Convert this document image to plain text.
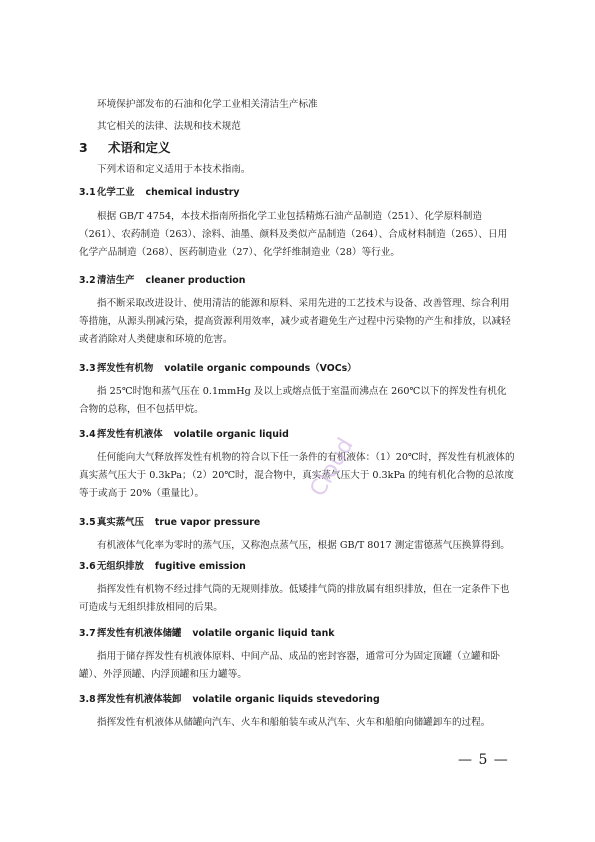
环境保护部发布的石油和化学工业相关清洁生产标准

其它相关的法律、法规和技术规范

3 术语和定义

下列术语和定义适用于本技术指南。

3.1化学工业 chemical industry

根据 GB/T 4754，本技术指南所指化学工业包括精炼石油产品制造（251）、化学原料制造（261）、农药制造（263）、涂料、油墨、颜料及类似产品制造（264）、合成材料制造（265）、日用化学产品制造（268）、医药制造业（27）、化学纤维制造业（28）等行业。

3.2清洁生产 cleaner production

指不断采取改进设计、使用清洁的能源和原料、采用先进的工艺技术与设备、改善管理、综合利用等措施，从源头削减污染，提高资源利用效率，减少或者避免生产过程中污染物的产生和排放，以减轻或者消除对人类健康和环境的危害。

3.3挥发性有机物 volatile organic compounds（VOCs）

指 25℃时饱和蒸气压在 0.1mmHg 及以上或熔点低于室温而沸点在 260℃以下的挥发性有机化合物的总称，但不包括甲烷。

3.4挥发性有机液体 volatile organic liquid

任何能向大气释放挥发性有机物的符合以下任一条件的有机液体：（1）20℃时，挥发性有机液体的真实蒸气压大于 0.3kPa；（2）20℃时，混合物中，真实蒸气压大于 0.3kPa 的纯有机化合物的总浓度等于或高于 20%（重量比）。

3.5真实蒸气压 true vapor pressure

有机液体气化率为零时的蒸气压，又称泡点蒸气压，根据 GB/T 8017 测定雷德蒸气压换算得到。

3.6无组织排放 fugitive emission

指挥发性有机物不经过排气筒的无规则排放。低矮排气筒的排放属有组织排放，但在一定条件下也可造成与无组织排放相同的后果。

3.7挥发性有机液体储罐 volatile organic liquid tank

指用于储存挥发性有机液体原料、中间产品、成品的密封容器，通常可分为固定顶罐（立罐和卧罐）、外浮顶罐、内浮顶罐和压力罐等。

3.8挥发性有机液体装卸 volatile organic liquids stevedoring

指挥发性有机液体从储罐向汽车、火车和船舶装车或从汽车、火车和船舶向储罐卸车的过程。

— 5 —
Cloud
